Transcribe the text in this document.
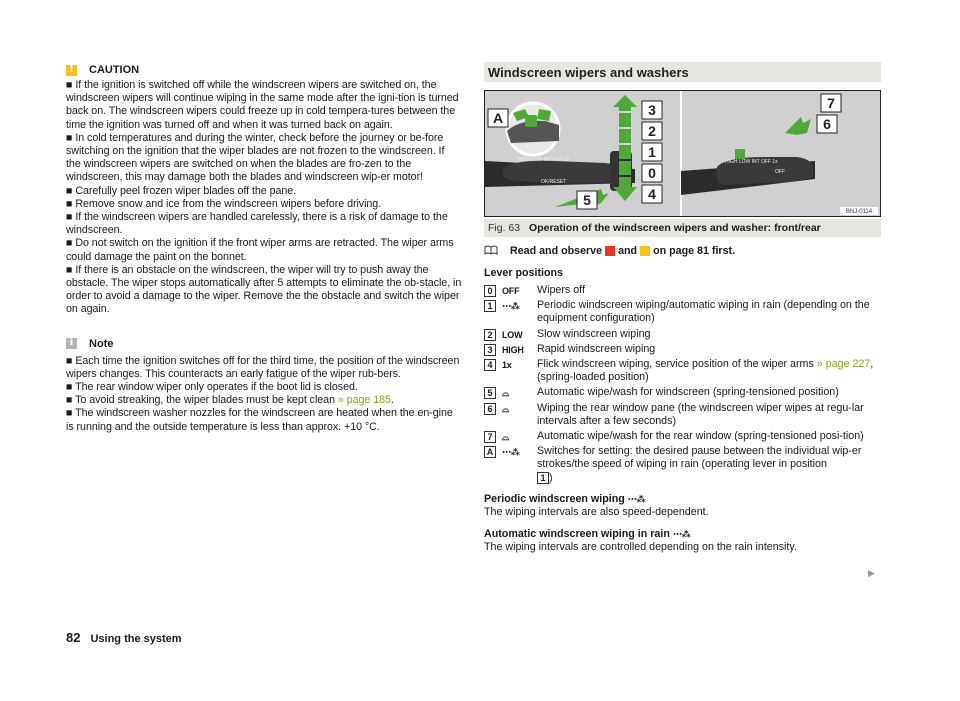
!
CAUTION
■ If the ignition is switched off while the windscreen wipers are switched on, the windscreen wipers will continue wiping in the same mode after the igni-tion is turned back on. The windscreen wipers could freeze up in cold tempera-tures between the time the ignition was turned off and when it was turned back on again.
■ In cold temperatures and during the winter, check before the journey or be-fore switching on the ignition that the wiper blades are not frozen to the windscreen. If the windscreen wipers are switched on when the blades are fro-zen to the windscreen, this may damage both the blades and windscreen wip-er motor!
■ Carefully peel frozen wiper blades off the pane.
■ Remove snow and ice from the windscreen wipers before driving.
■ If the windscreen wipers are handled carelessly, there is a risk of damage to the windscreen.
■ Do not switch on the ignition if the front wiper arms are retracted. The wiper arms could damage the paint on the bonnet.
■ If there is an obstacle on the windscreen, the wiper will try to push away the obstacle. The wiper stops automatically after 5 attempts to eliminate the ob-stacle, in order to avoid a damage to the wiper. Remove the the obstacle and switch the wiper on again.
i
Note
■ Each time the ignition switches off for the third time, the position of the windscreen wipers changes. This counteracts an early fatigue of the wiper rub-bers.
■ The rear window wiper only operates if the boot lid is closed.
■ To avoid streaking, the wiper blades must be kept clean » page 185.
■ The windscreen washer nozzles for the windscreen are heated when the en-gine is running and the outside temperature is less than approx. +10 °C.
Windscreen wipers and washers
A
HIGH LOW INT OFF 1x
OK/RESET
3
2
1
0
4
5
HIGH LOW INT OFF 1x
OFF
6
7
BNJ-0114
Fig. 63 Operation of the windscreen wipers and washer: front/rear
Read and observe and on page 81 first.
Lever positions
0	OFF Wipers off
1	⋯⁂ Periodic windscreen wiping/automatic wiping in rain (depending on the equipment configuration)
2	LOW Slow windscreen wiping
3	HIGH Rapid windscreen wiping
4	1x Flick windscreen wiping, service position of the wiper arms » page 227, (spring-loaded position)
5	⌓	Automatic wipe/wash for windscreen (spring-tensioned position)
6	⌓	Wiping the rear window pane (the windscreen wiper wipes at regu-lar intervals after a few seconds)
7	⌓	Automatic wipe/wash for the rear window (spring-tensioned posi-tion)
A ⋯⁂ Switches for setting: the desired pause between the individual wip-er strokes/the speed of wiping in rain (operating lever in position
1 )
Periodic windscreen wiping ⋯⁂
The wiping intervals are also speed-dependent.
Automatic windscreen wiping in rain ⋯⁂
The wiping intervals are controlled depending on the rain intensity.
▶
82 Using the system
